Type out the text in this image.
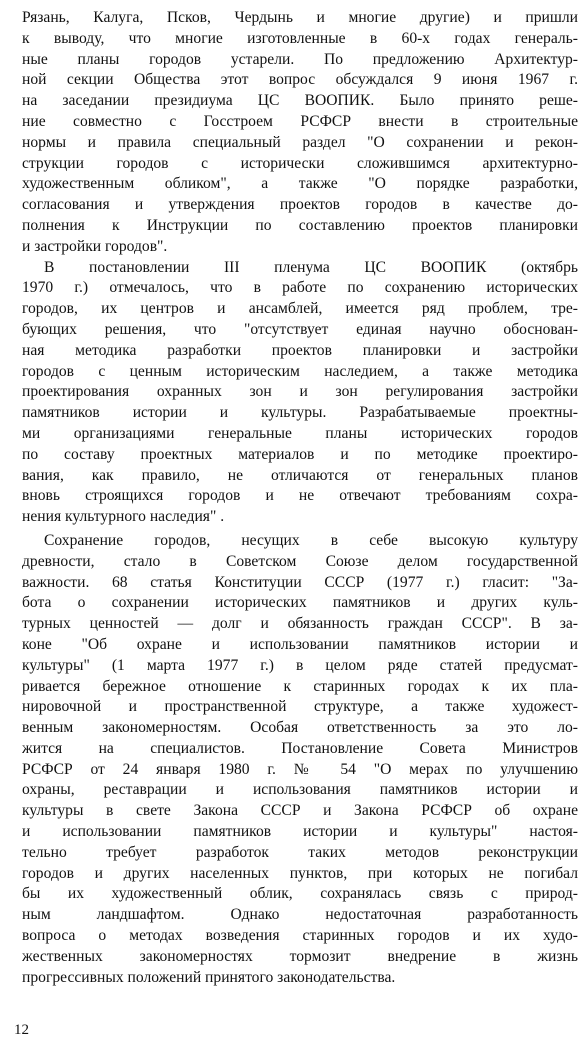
Рязань, Калуга, Псков, Чердынь и многие другие) и пришли
к выводу, что многие изготовленные в 60-х годах генераль-
ные планы городов устарели. По предложению Архитектур-
ной секции Общества этот вопрос обсуждался 9 июня 1967 г.
на заседании президиума ЦС ВООПИК. Было принято реше-
ние совместно с Госстроем РСФСР внести в строительные
нормы и правила специальный раздел "О сохранении и рекон-
струкции городов с исторически сложившимся архитектурно-
художественным обликом", а также "О порядке разработки,
согласования и утверждения проектов городов в качестве до-
полнения к Инструкции по составлению проектов планировки
и застройки городов".
В постановлении III пленума ЦС ВООПИК (октябрь
1970 г.) отмечалось, что в работе по сохранению исторических
городов, их центров и ансамблей, имеется ряд проблем, тре-
бующих решения, что "отсутствует единая научно обоснован-
ная методика разработки проектов планировки и застройки
городов с ценным историческим наследием, а также методика
проектирования охранных зон и зон регулирования застройки
памятников истории и культуры. Разрабатываемые проектны-
ми организациями генеральные планы исторических городов
по составу проектных материалов и по методике проектиро-
вания, как правило, не отличаются от генеральных планов
вновь строящихся городов и не отвечают требованиям сохра-
нения культурного наследия" .
Сохранение городов, несущих в себе высокую культуру
древности, стало в Советском Союзе делом государственной
важности. 68 статья Конституции СССР (1977 г.) гласит: "За-
бота о сохранении исторических памятников и других куль-
турных ценностей — долг и обязанность граждан СССР". В за-
коне "Об охране и использовании памятников истории и
культуры" (1 марта 1977 г.) в целом ряде статей предусмат-
ривается бережное отношение к старинных городах к их пла-
нировочной и пространственной структуре, а также художест-
венным закономерностям. Особая ответственность за это ло-
жится на специалистов. Постановление Совета Министров
РСФСР от 24 января 1980 г. № 54 "О мерах по улучшению
охраны, реставрации и использования памятников истории и
культуры в свете Закона СССР и Закона РСФСР об охране
и использовании памятников истории и культуры" настоя-
тельно требует разработок таких методов реконструкции
городов и других населенных пунктов, при которых не погибал
бы их художественный облик, сохранялась связь с природ-
ным ландшафтом. Однако недостаточная разработанность
вопроса о методах возведения старинных городов и их худо-
жественных закономерностях тормозит внедрение в жизнь
прогрессивных положений принятого законодательства.
12
